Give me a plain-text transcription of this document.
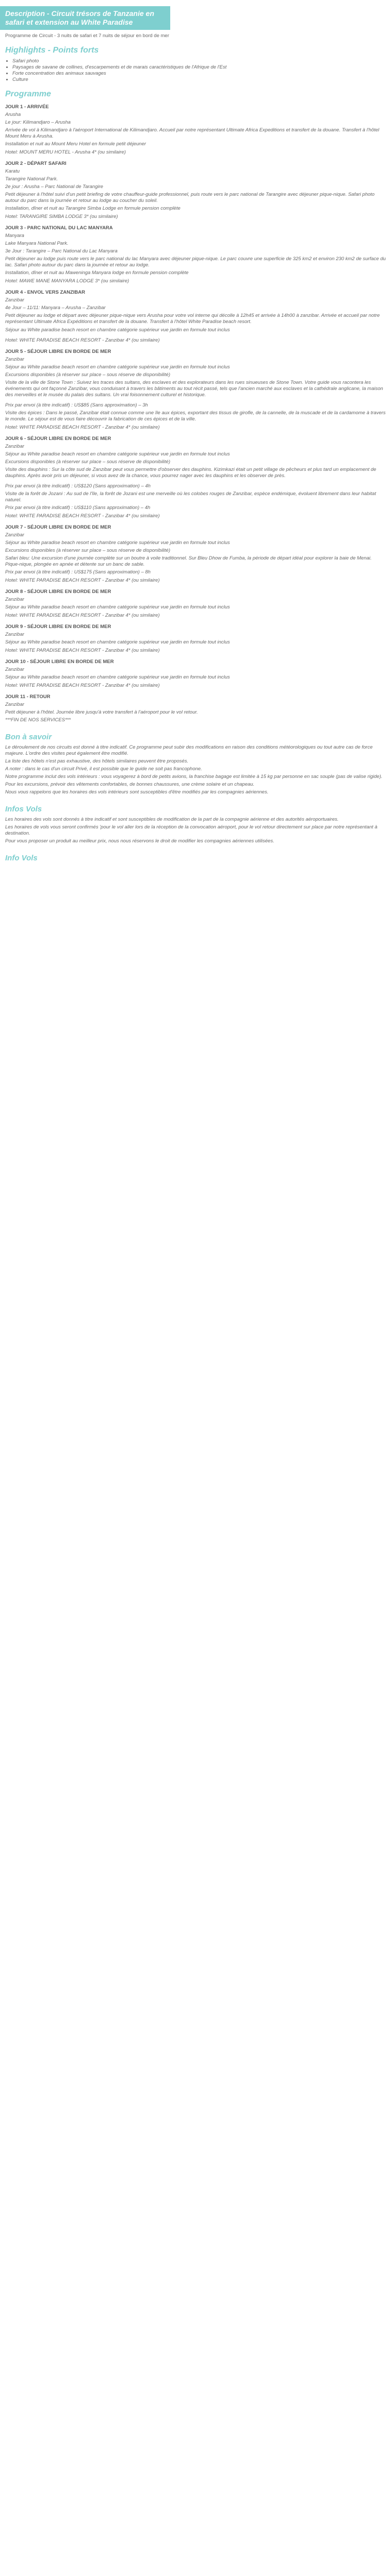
Description - Circuit trésors de Tanzanie en safari et extension au White Paradise
Programme de Circuit - 3 nuits de safari et 7 nuits de séjour en bord de mer
Highlights - Points forts
• Safari photo
• Paysages de savane de collines, d'escarpements et de marais caractéristiques de l'Afrique de l'Est
• Forte concentration des animaux sauvages
• Culture
Programme
JOUR 1 - ARRIVÉE

Arusha

Le jour: Kilimandjaro – Arusha

Arrivée de vol à Kilimandjaro à l'aéroport International de Kilimandjaro. Accueil par notre représentant Ultimate Africa Expeditions et transfert de la douane. Transfert à l'hôtel Mount Meru à Arusha.

Installation et nuit au Mount Meru Hotel en formule petit déjeuner

Hotel: MOUNT MERU HOTEL - Arusha 4* (ou similaire)

JOUR 2 - DÉPART SAFARI

Karatu

Tarangire National Park.

2e jour : Arusha – Parc National de Tarangire

Petit déjeuner à l'hôtel suivi d'un petit briefing de votre chauffeur-guide professionnel, puis route vers le parc national de Tarangire avec déjeuner pique-nique. Safari photo autour du parc dans la journée et retour au lodge au coucher du soleil.

Installation, dîner et nuit au Tarangire Simba Lodge en formule pension complète

Hotel: TARANGIRE SIMBA LODGE 3* (ou similaire)

JOUR 3 - PARC NATIONAL DU LAC MANYARA

Manyara

Lake Manyara National Park.

3e Jour : Tarangire – Parc National du Lac Manyara

Petit déjeuner au lodge puis route vers le parc national du lac Manyara avec déjeuner pique-nique. Le parc couvre une superficie de 325 km2 et environ 230 km2 de surface du lac. Safari photo autour du parc dans la journée et retour au lodge.

Installation, dîner et nuit au Maweninga Manyara lodge en formule pension complète

Hotel: MAWE MANE MANYARA LODGE 3* (ou similaire)

JOUR 4 - ENVOL VERS ZANZIBAR

Zanzibar

4e Jour – 11/11: Manyara – Arusha – Zanzibar

Petit déjeuner au lodge et départ avec déjeuner pique-nique vers Arusha pour votre vol interne qui décolle à 12h45 et arrivée à 14h00 à zanzibar. Arrivée et accueil par notre représentant Ultimate Africa Expéditions et transfert de la douane. Transfert à l'hôtel White Paradise beach resort.

Séjour au White paradise beach resort en chambre catégorie supérieur vue jardin en formule tout inclus

Hotel: WHITE PARADISE BEACH RESORT - Zanzibar 4* (ou similaire)

JOUR 5 - SÉJOUR LIBRE EN BORDE DE MER

Zanzibar

Séjour au White paradise beach resort en chambre catégorie supérieur vue jardin en formule tout inclus

Excursions disponibles (à réserver sur place – sous réserve de disponibilité)

Visite de la ville de Stone Town : Suivez les traces des sultans, des esclaves et des explorateurs dans les rues sinueuses de Stone Town. Votre guide vous racontera les événements qui ont façonné Zanzibar, vous conduisant à travers les bâtiments au tout récit passé, tels que l'ancien marché aux esclaves et la cathédrale anglicane, la maison des merveilles et le musée du palais des sultans. Un vrai foisonnement culturel et historique.

Prix par envoi (à titre indicatif) : US$85 (Sans approximation) – 3h

Visite des épices : Dans le passé, Zanzibar était connue comme une île aux épices, exportant des tissus de girofle, de la cannelle, de la muscade et de la cardamome à travers le monde. Le séjour est de vous faire découvrir la fabrication de ces épices et de la ville.

Hotel: WHITE PARADISE BEACH RESORT - Zanzibar 4* (ou similaire)

JOUR 6 - SÉJOUR LIBRE EN BORDE DE MER

Zanzibar

Séjour au White paradise beach resort en chambre catégorie supérieur vue jardin en formule tout inclus

Excursions disponibles (à réserver sur place – sous réserve de disponibilité)

Visite des dauphins : Sur la côte sud de Zanzibar peut vous permettre d'observer des dauphins. Kizimkazi était un petit village de pêcheurs et plus tard un emplacement de dauphins. Après avoir pris un déjeuner, si vous avez de la chance, vous pourrez nager avec les dauphins et les observer de près.

Prix par envoi (à titre indicatif) : US$120 (Sans approximation) – 4h

Visite de la forêt de Jozani : Au sud de l'île, la forêt de Jozani est une merveille où les colobes rouges de Zanzibar, espèce endémique, évoluent librement dans leur habitat naturel.

Prix par envoi (à titre indicatif) : US$110 (Sans approximation) – 4h

Hotel: WHITE PARADISE BEACH RESORT - Zanzibar 4* (ou similaire)

JOUR 7 - SÉJOUR LIBRE EN BORDE DE MER

Zanzibar

Séjour au White paradise beach resort en chambre catégorie supérieur vue jardin en formule tout inclus

Excursions disponibles (à réserver sur place – sous réserve de disponibilité)

Safari bleu: Une excursion d'une journée complète sur un boutre à voile traditionnel. Sur Bleu Dhow de Fumba, la période de départ idéal pour explorer la baie de Menai. Pique-nique, plongée en apnée et détente sur un banc de sable.

Prix par envoi (à titre indicatif) : US$175 (Sans approximation) – 8h

Hotel: WHITE PARADISE BEACH RESORT - Zanzibar 4* (ou similaire)

JOUR 8 - SÉJOUR LIBRE EN BORDE DE MER

Zanzibar

Séjour au White paradise beach resort en chambre catégorie supérieur vue jardin en formule tout inclus

Hotel: WHITE PARADISE BEACH RESORT - Zanzibar 4* (ou similaire)

JOUR 9 - SÉJOUR LIBRE EN BORDE DE MER

Zanzibar

Séjour au White paradise beach resort en chambre catégorie supérieur vue jardin en formule tout inclus

Hotel: WHITE PARADISE BEACH RESORT - Zanzibar 4* (ou similaire)

JOUR 10 - SÉJOUR LIBRE EN BORDE DE MER

Zanzibar

Séjour au White paradise beach resort en chambre catégorie supérieur vue jardin en formule tout inclus

Hotel: WHITE PARADISE BEACH RESORT - Zanzibar 4* (ou similaire)

JOUR 11 - RETOUR

Zanzibar

Petit déjeuner à l'hôtel. Journée libre jusqu'à votre transfert à l'aéroport pour le vol retour.

***FIN DE NOS SERVICES***

Bon à savoir

Le déroulement de nos circuits est donné à titre indicatif. Ce programme peut subir des modifications en raison des conditions météorologiques ou tout autre cas de force majeure. L'ordre des visites peut également être modifié.

La liste des hôtels n'est pas exhaustive, des hôtels similaires peuvent être proposés.

A noter : dans le cas d'un circuit Privé, il est possible que le guide ne soit pas francophone.

Notre programme inclut des vols intérieurs : vous voyagerez à bord de petits avions, la franchise bagage est limitée à 15 kg par personne en sac souple (pas de valise rigide).

Pour les excursions, prévoir des vêtements confortables, de bonnes chaussures, une crème solaire et un chapeau.

Nous vous rappelons que les horaires des vols intérieurs sont susceptibles d'être modifiés par les compagnies aériennes.

Infos Vols

Les horaires des vols sont donnés à titre indicatif et sont susceptibles de modification de la part de la compagnie aérienne et des autorités aéroportuaires.

Les horaires de vols vous seront confirmés 'pour le vol aller lors de la réception de la convocation aéroport, pour le vol retour directement sur place par notre représentant à destination.

Pour vous proposer un produit au meilleur prix, nous nous réservons le droit de modifier les compagnies aériennes utilisées.

Info Vols
